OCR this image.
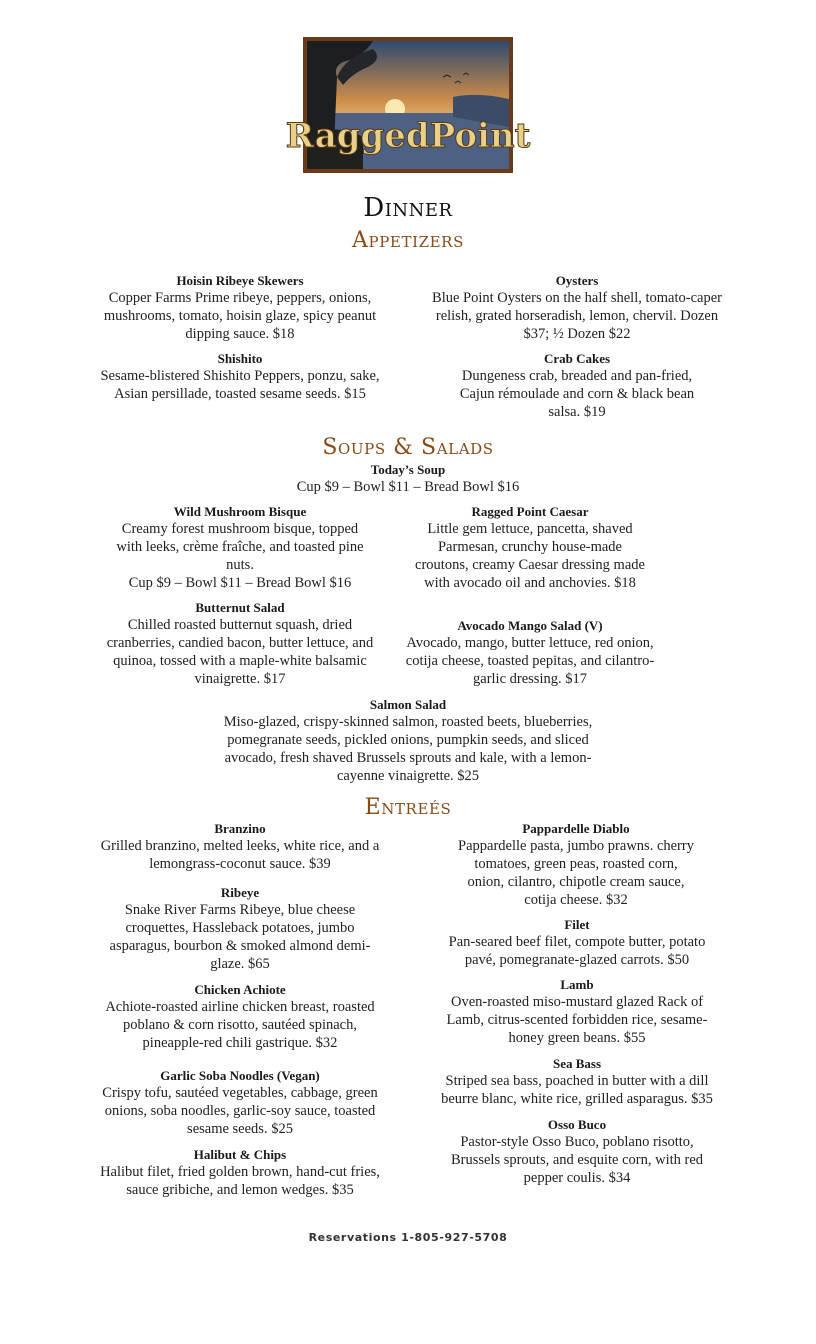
RaggedPoint
Dinner
Appetizers
Hoisin Ribeye Skewers
Copper Farms Prime ribeye, peppers, onions, mushrooms, tomato, hoisin glaze, spicy peanut dipping sauce. $18
Oysters
Blue Point Oysters on the half shell, tomato-caper relish, grated horseradish, lemon, chervil. Dozen $37; ½ Dozen $22
Shishito
Sesame-blistered Shishito Peppers, ponzu, sake, Asian persillade, toasted sesame seeds. $15
Crab Cakes
Dungeness crab, breaded and pan-fried, Cajun rémoulade and corn & black bean salsa. $19
Soups & Salads
Today’s Soup
Cup $9 – Bowl $11 – Bread Bowl $16
Wild Mushroom Bisque
Creamy forest mushroom bisque, topped with leeks, crème fraîche, and toasted pine nuts.
Cup $9 – Bowl $11 – Bread Bowl $16
Ragged Point Caesar
Little gem lettuce, pancetta, shaved Parmesan, crunchy house-made croutons, creamy Caesar dressing made with avocado oil and anchovies. $18
Butternut Salad
Chilled roasted butternut squash, dried cranberries, candied bacon, butter lettuce, and quinoa, tossed with a maple-white balsamic vinaigrette. $17
Avocado Mango Salad (V)
Avocado, mango, butter lettuce, red onion, cotija cheese, toasted pepitas, and cilantro-garlic dressing. $17
Salmon Salad
Miso-glazed, crispy-skinned salmon, roasted beets, blueberries, pomegranate seeds, pickled onions, pumpkin seeds, and sliced avocado, fresh shaved Brussels sprouts and kale, with a lemon-cayenne vinaigrette. $25
Entreés
Branzino
Grilled branzino, melted leeks, white rice, and a lemongrass-coconut sauce. $39
Ribeye
Snake River Farms Ribeye, blue cheese croquettes, Hassleback potatoes, jumbo asparagus, bourbon & smoked almond demi-glaze. $65
Chicken Achiote
Achiote-roasted airline chicken breast, roasted poblano & corn risotto, sautéed spinach, pineapple-red chili gastrique. $32
Garlic Soba Noodles (Vegan)
Crispy tofu, sautéed vegetables, cabbage, green onions, soba noodles, garlic-soy sauce, toasted sesame seeds. $25
Halibut & Chips
Halibut filet, fried golden brown, hand-cut fries, sauce gribiche, and lemon wedges. $35
Pappardelle Diablo
Pappardelle pasta, jumbo prawns. cherry tomatoes, green peas, roasted corn, onion, cilantro, chipotle cream sauce, cotija cheese. $32
Filet
Pan-seared beef filet, compote butter, potato pavé, pomegranate-glazed carrots. $50
Lamb
Oven-roasted miso-mustard glazed Rack of Lamb, citrus-scented forbidden rice, sesame-honey green beans. $55
Sea Bass
Striped sea bass, poached in butter with a dill beurre blanc, white rice, grilled asparagus. $35
Osso Buco
Pastor-style Osso Buco, poblano risotto, Brussels sprouts, and esquite corn, with red pepper coulis. $34
Reservations 1-805-927-5708
